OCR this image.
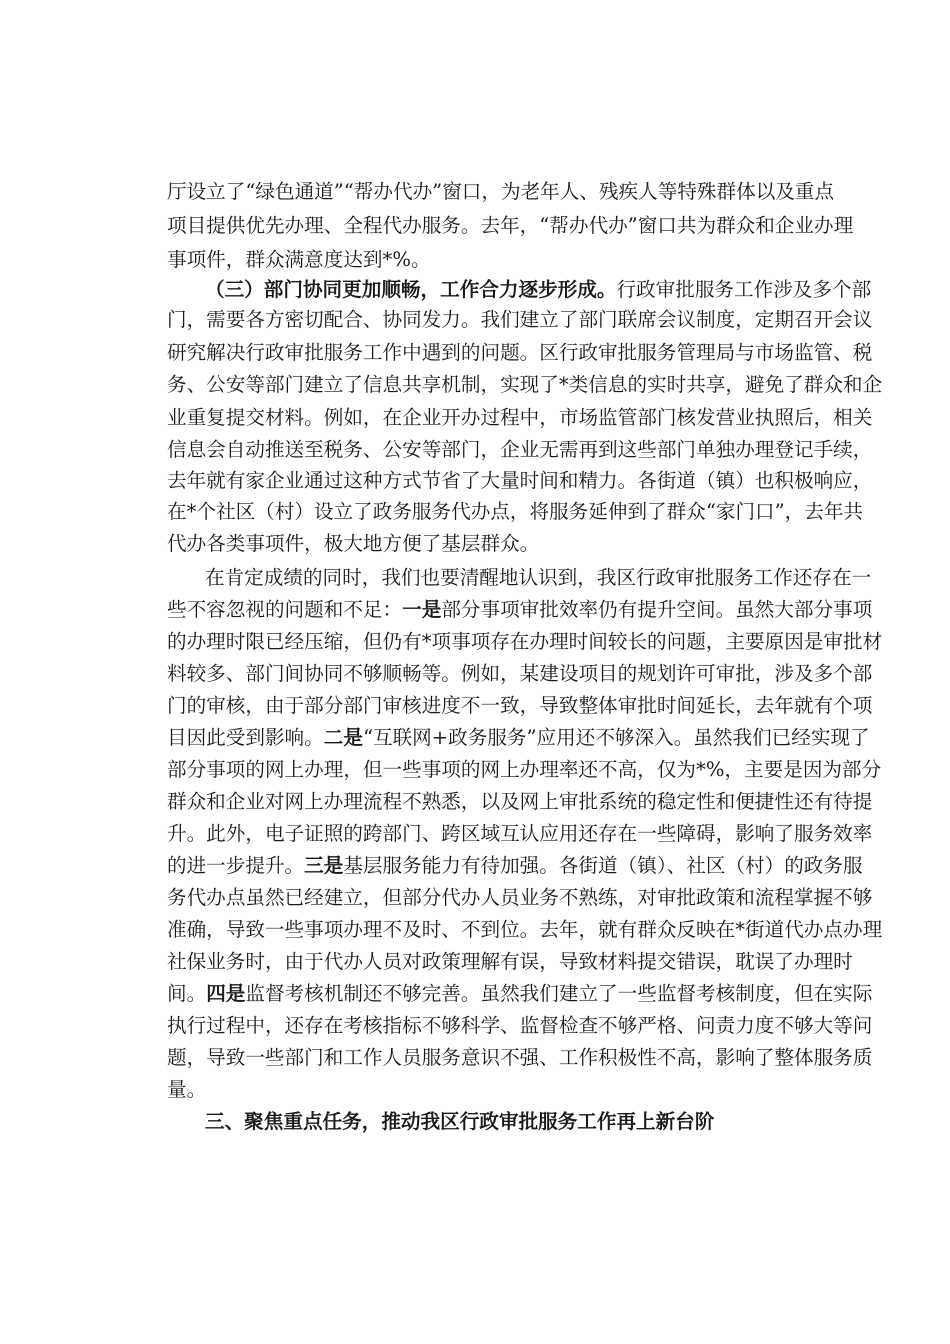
厅设立了“绿色通道”“帮办代办”窗口，为老年人、残疾人等特殊群体以及重点
项目提供优先办理、全程代办服务。去年，“帮办代办”窗口共为群众和企业办理
事项件，群众满意度达到*%。
（三）部门协同更加顺畅，工作合力逐步形成。行政审批服务工作涉及多个部
门，需要各方密切配合、协同发力。我们建立了部门联席会议制度，定期召开会议
研究解决行政审批服务工作中遇到的问题。区行政审批服务管理局与市场监管、税
务、公安等部门建立了信息共享机制，实现了*类信息的实时共享，避免了群众和企
业重复提交材料。例如，在企业开办过程中，市场监管部门核发营业执照后，相关
信息会自动推送至税务、公安等部门，企业无需再到这些部门单独办理登记手续，
去年就有家企业通过这种方式节省了大量时间和精力。各街道（镇）也积极响应，
在*个社区（村）设立了政务服务代办点，将服务延伸到了群众“家门口”，去年共
代办各类事项件，极大地方便了基层群众。
在肯定成绩的同时，我们也要清醒地认识到，我区行政审批服务工作还存在一
些不容忽视的问题和不足：一是部分事项审批效率仍有提升空间。虽然大部分事项
的办理时限已经压缩，但仍有*项事项存在办理时间较长的问题，主要原因是审批材
料较多、部门间协同不够顺畅等。例如，某建设项目的规划许可审批，涉及多个部
门的审核，由于部分部门审核进度不一致，导致整体审批时间延长，去年就有个项
目因此受到影响。二是“互联网+政务服务”应用还不够深入。虽然我们已经实现了
部分事项的网上办理，但一些事项的网上办理率还不高，仅为*%，主要是因为部分
群众和企业对网上办理流程不熟悉，以及网上审批系统的稳定性和便捷性还有待提
升。此外，电子证照的跨部门、跨区域互认应用还存在一些障碍，影响了服务效率
的进一步提升。三是基层服务能力有待加强。各街道（镇）、社区（村）的政务服
务代办点虽然已经建立，但部分代办人员业务不熟练，对审批政策和流程掌握不够
准确，导致一些事项办理不及时、不到位。去年，就有群众反映在*街道代办点办理
社保业务时，由于代办人员对政策理解有误，导致材料提交错误，耽误了办理时
间。四是监督考核机制还不够完善。虽然我们建立了一些监督考核制度，但在实际
执行过程中，还存在考核指标不够科学、监督检查不够严格、问责力度不够大等问
题，导致一些部门和工作人员服务意识不强、工作积极性不高，影响了整体服务质
量。
三、聚焦重点任务，推动我区行政审批服务工作再上新台阶
